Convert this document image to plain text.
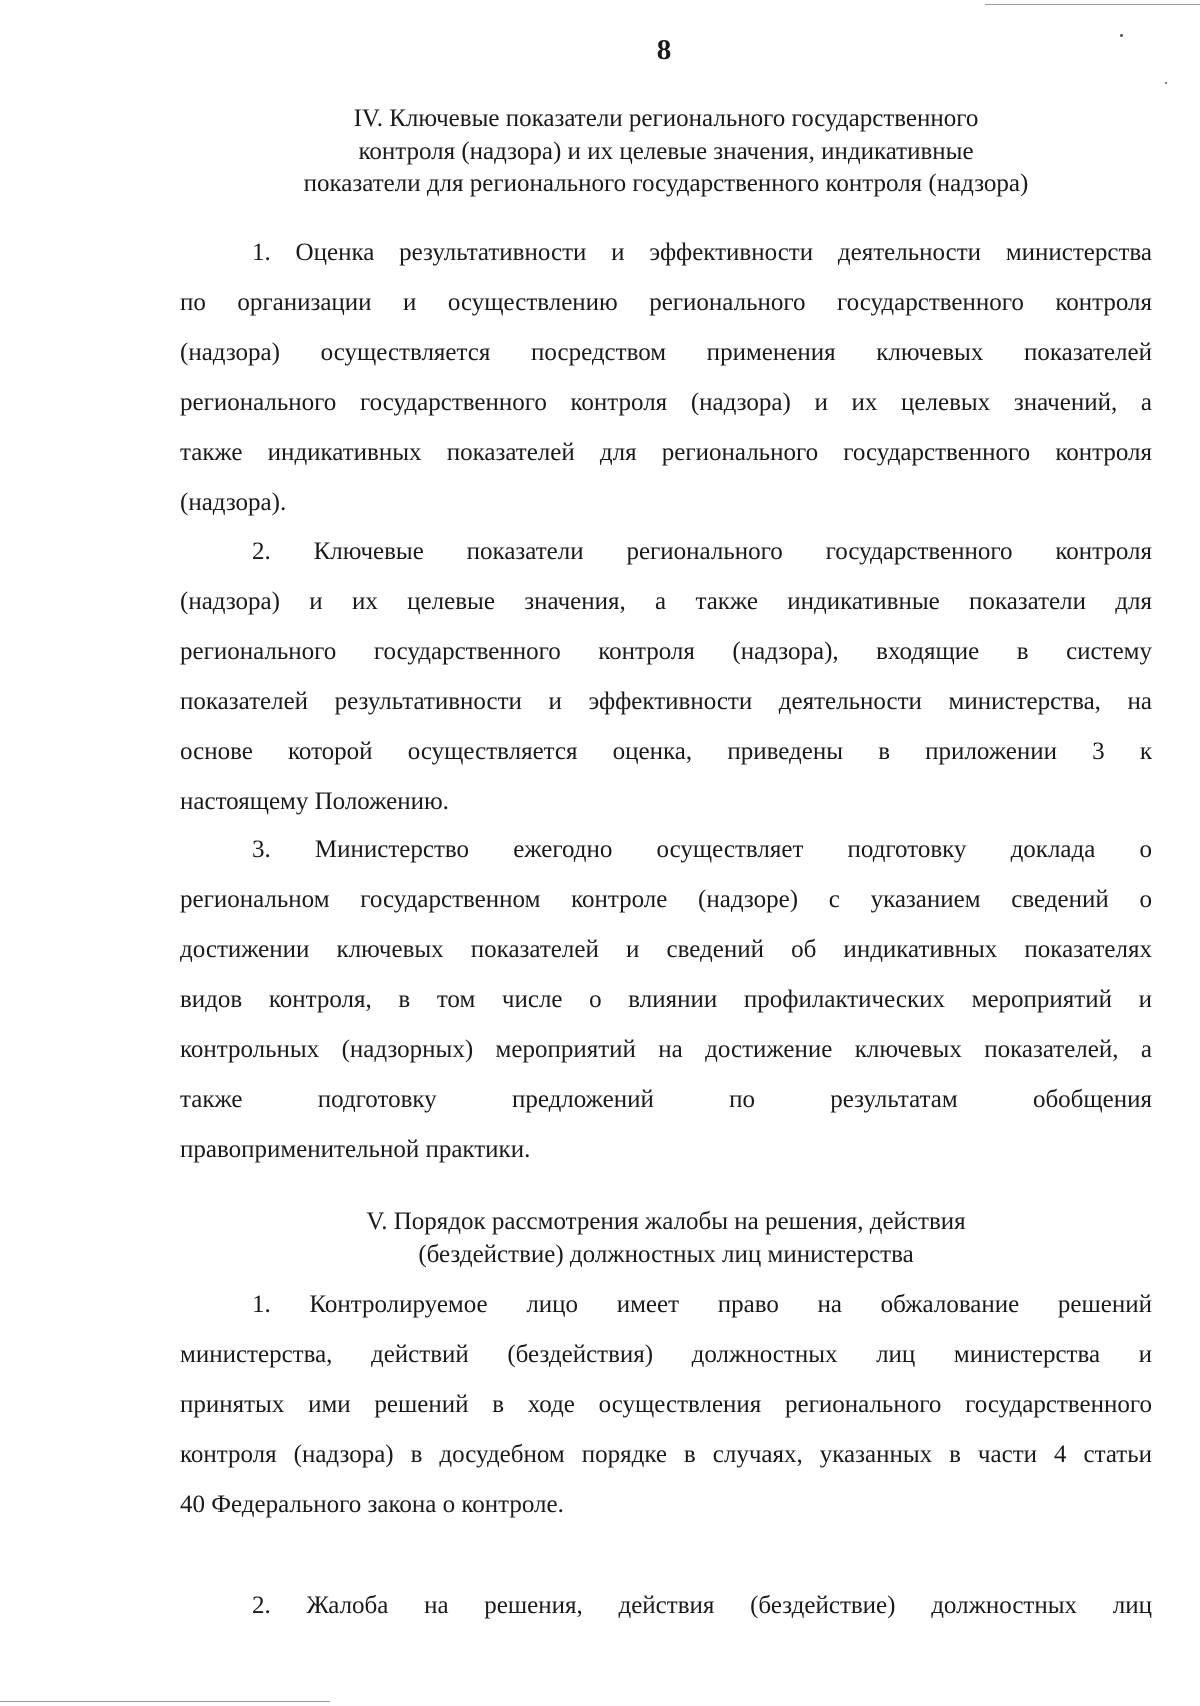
8
IV. Ключевые показатели регионального государственного
контроля (надзора) и их целевые значения, индикативные
показатели для регионального государственного контроля (надзора)
1. Оценка результативности и эффективности деятельности министерства
по организации и осуществлению регионального государственного контроля
(надзора) осуществляется посредством применения ключевых показателей
регионального государственного контроля (надзора) и их целевых значений, а
также индикативных показателей для регионального государственного контроля
(надзора).
2. Ключевые показатели регионального государственного контроля
(надзора) и их целевые значения, а также индикативные показатели для
регионального государственного контроля (надзора), входящие в систему
показателей результативности и эффективности деятельности министерства, на
основе которой осуществляется оценка, приведены в приложении 3 к
настоящему Положению.
3. Министерство ежегодно осуществляет подготовку доклада о
региональном государственном контроле (надзоре) с указанием сведений о
достижении ключевых показателей и сведений об индикативных показателях
видов контроля, в том числе о влиянии профилактических мероприятий и
контрольных (надзорных) мероприятий на достижение ключевых показателей, а
также подготовку предложений по результатам обобщения
правоприменительной практики.
V. Порядок рассмотрения жалобы на решения, действия
(бездействие) должностных лиц министерства
1. Контролируемое лицо имеет право на обжалование решений
министерства, действий (бездействия) должностных лиц министерства и
принятых ими решений в ходе осуществления регионального государственного
контроля (надзора) в досудебном порядке в случаях, указанных в части 4 статьи
40 Федерального закона о контроле.
2. Жалоба на решения, действия (бездействие) должностных лиц
